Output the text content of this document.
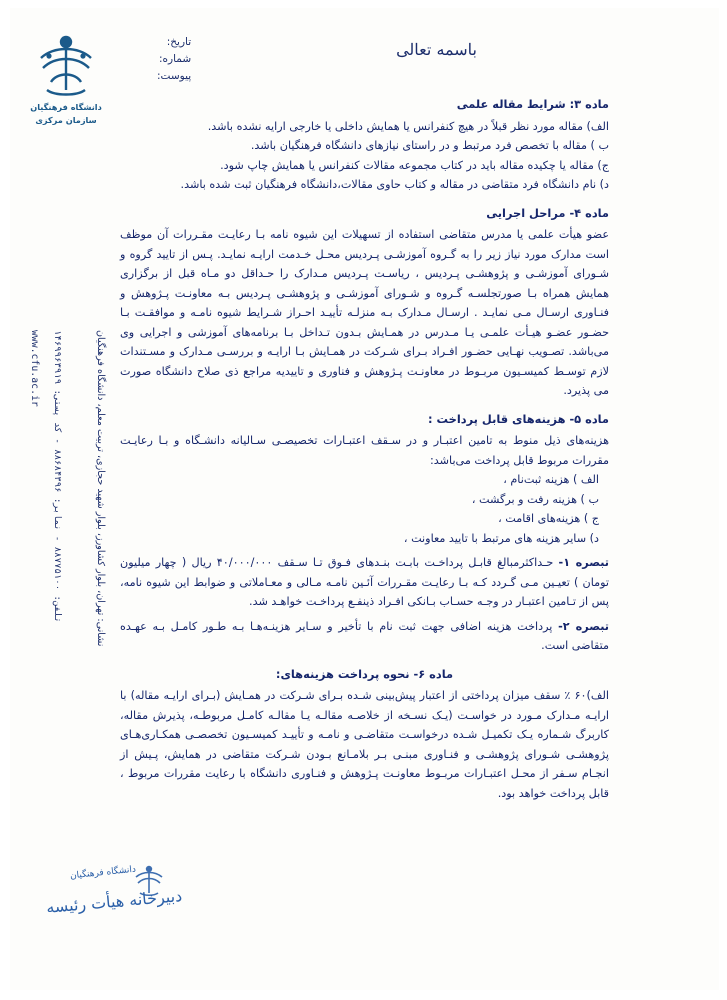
باسمه تعالی
تاریخ:
شماره:
پیوست:
دانشگاه فرهنگیان
سازمان مرکزی
نشانی: تهران، بلوار کشاورز، بلوار شهید حجازی، تربیت معلم، دانشگاه فرهنگیان
تلفن: ۸۸۷۷۵۱۰۰ - نمابر: ۸۸۶۸۴۳۹۶ - کد پستی: ۱۴۶۹۹۶۳۹۱۹
www.cfu.ac.ir
ماده ۳: شرایط مقاله علمی
الف) مقاله مورد نظر قبلاً در هیچ کنفرانس یا همایش داخلی یا خارجی ارایه نشده باشد.
ب ) مقاله با تخصص فرد مرتبط و در راستای نیازهای دانشگاه فرهنگیان باشد.
ج) مقاله یا چکیده مقاله باید در کتاب مجموعه مقالات کنفرانس یا همایش چاپ شود.
د) نام دانشگاه فرد متقاضی در مقاله و کتاب حاوی مقالات،دانشگاه فرهنگیان ثبت شده باشد.
ماده ۴- مراحل اجرایی
عضو هیأت علمی یا مدرس متقاضی استفاده از تسهیلات این شیوه نامه بـا رعایـت مقـررات آن موظف است مدارک مورد نیاز زیر را به گـروه آموزشـی پـردیس محـل خـدمت ارایـه نمایـد. پـس از تایید گروه و شـورای آموزشـی و پژوهشـی پـردیس ، ریاسـت پـردیس مـدارک را حـداقل دو مـاه قبل از برگزاری همایش همراه بـا صورتجلسـه گـروه و شـورای آموزشـی و پژوهشـی پـردیس بـه معاونـت پـژوهش و فنـاوری ارسـال مـی نمایـد . ارسـال مـدارک بـه منزلـه تأییـد احـراز شـرایط شیوه نامـه و موافقـت بـا حضـور عضـو هیـأت علمـی یـا مـدرس در همـایش بـدون تـداخل بـا برنامه‌های آموزشی و اجرایی وی می‌باشد. تصـویب نهـایی حضـور افـراد بـرای شـرکت در همـایش بـا ارایـه و بررسـی مـدارک و مسـتندات لازم توسـط کمیسـیون مربـوط در معاونـت پـژوهش و فناوری و تاییدیه مراجع ذی صلاح دانشگاه صورت می پذیرد.
ماده ۵- هزینه‌های قابل پرداخت :
هزینه‌های ذیل منوط به تامین اعتبـار و در سـقف اعتبـارات تخصیصـی سـالیانه دانشـگاه و بـا رعایـت مقررات مربوط قابل پرداخت می‌باشد:
الف ) هزینه ثبت‌نام ،
ب ) هزینه رفت و برگشت ،
ج ) هزینه‌های اقامت ،
د) سایر هزینه های مرتبط با تایید معاونت ،
تبصره ۱- حـداکثرمبالغ قابـل پرداخـت بابـت بنـدهای فـوق تـا سـقف ۴۰/۰۰۰/۰۰۰ ریال ( چهار میلیون تومان ) تعیـین مـی گـردد کـه بـا رعایـت مقـررات آئـین نامـه مـالی و معـاملاتی و ضوابط این شیوه نامه، پس از تـامین اعتبـار در وجـه حسـاب بـانکی افـراد ذینفـع پرداخـت خواهـد شد.
تبصره ۲- پرداخت هزینه اضافی جهت ثبت نام با تأخیر و سـایر هزینـه‌هـا بـه طـور کامـل بـه عهـده متقاضی است.
ماده ۶- نحوه پرداخت هزینه‌های:
الف)۶۰ ٪ سقف میزان پرداختی از اعتبار پیش‌بینی شـده بـرای شـرکت در همـایش (بـرای ارایـه مقاله) با ارایـه مـدارک مـورد در خواسـت (یـک نسـخه از خلاصـه مقالـه یـا مقالـه کامـل مربوطـه، پذیرش مقاله، کاربرگ شـماره یـک تکمیـل شـده درخواسـت متقاضـی و نامـه و تأییـد کمیسـیون تخصصـی همکـاری‌هـای پژوهشـی شـورای پژوهشـی و فنـاوری مبنـی بـر بلامـانع بـودن شـرکت متقاضی در همایش، پـیش از انجـام سـفر از محـل اعتبـارات مربـوط معاونـت پـژوهش و فنـاوری دانشگاه با رعایت مقررات مربوط ، قابل پرداخت خواهد بود.
دانشگاه فرهنگیان
دبیرخانه هیأت رئیسه
